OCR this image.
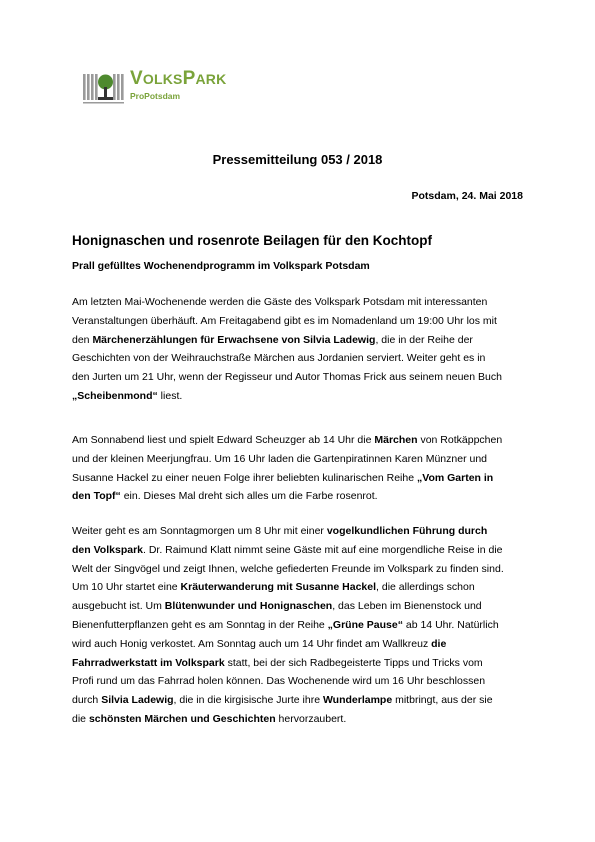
VOLKSPARK
ProPotsdam
Pressemitteilung 053 / 2018
Potsdam, 24. Mai 2018
Honignaschen und rosenrote Beilagen für den Kochtopf
Prall gefülltes Wochenendprogramm im Volkspark Potsdam
Am letzten Mai-Wochenende werden die Gäste des Volkspark Potsdam mit interessanten
Veranstaltungen überhäuft. Am Freitagabend gibt es im Nomadenland um 19:00 Uhr los mit
den Märchenerzählungen für Erwachsene von Silvia Ladewig, die in der Reihe der
Geschichten von der Weihrauchstraße Märchen aus Jordanien serviert. Weiter geht es in
den Jurten um 21 Uhr, wenn der Regisseur und Autor Thomas Frick aus seinem neuen Buch
„Scheibenmond“ liest.
Am Sonnabend liest und spielt Edward Scheuzger ab 14 Uhr die Märchen von Rotkäppchen
und der kleinen Meerjungfrau. Um 16 Uhr laden die Gartenpiratinnen Karen Münzner und
Susanne Hackel zu einer neuen Folge ihrer beliebten kulinarischen Reihe „Vom Garten in
den Topf“ ein. Dieses Mal dreht sich alles um die Farbe rosenrot.
Weiter geht es am Sonntagmorgen um 8 Uhr mit einer vogelkundlichen Führung durch
den Volkspark. Dr. Raimund Klatt nimmt seine Gäste mit auf eine morgendliche Reise in die
Welt der Singvögel und zeigt Ihnen, welche gefiederten Freunde im Volkspark zu finden sind.
Um 10 Uhr startet eine Kräuterwanderung mit Susanne Hackel, die allerdings schon
ausgebucht ist. Um Blütenwunder und Honignaschen, das Leben im Bienenstock und
Bienenfutterpflanzen geht es am Sonntag in der Reihe „Grüne Pause“ ab 14 Uhr. Natürlich
wird auch Honig verkostet. Am Sonntag auch um 14 Uhr findet am Wallkreuz die
Fahrradwerkstatt im Volkspark statt, bei der sich Radbegeisterte Tipps und Tricks vom
Profi rund um das Fahrrad holen können. Das Wochenende wird um 16 Uhr beschlossen
durch Silvia Ladewig, die in die kirgisische Jurte ihre Wunderlampe mitbringt, aus der sie
die schönsten Märchen und Geschichten hervorzaubert.
